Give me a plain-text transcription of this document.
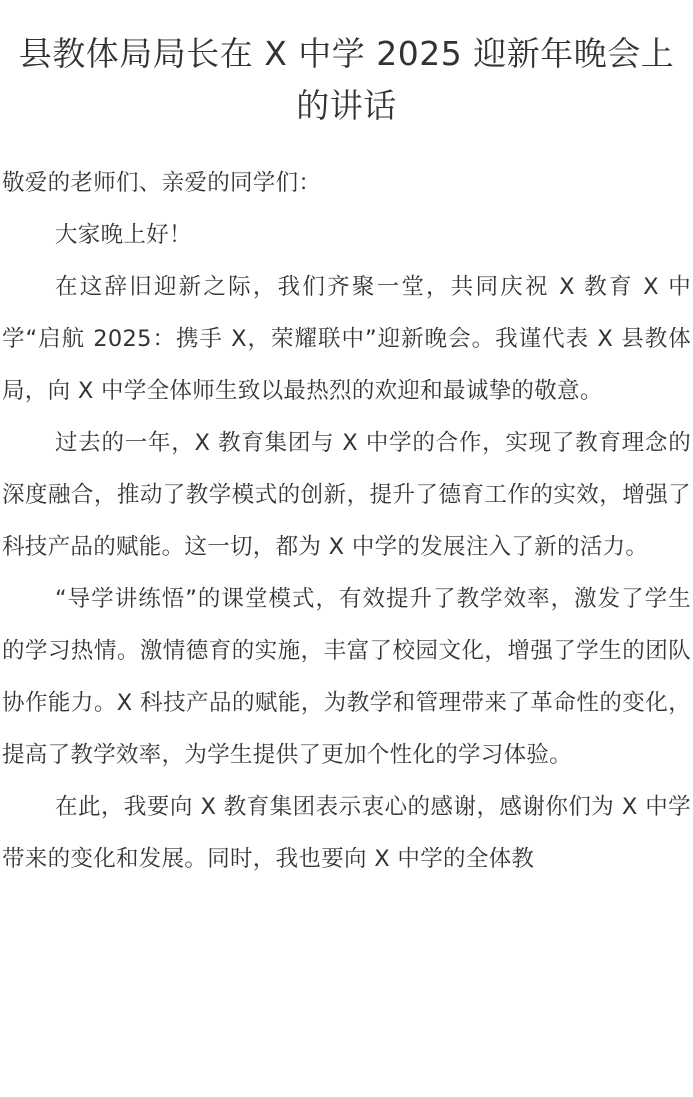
县教体局局长在 X 中学 2025 迎新年晚会上的讲话

敬爱的老师们、亲爱的同学们：

大家晚上好！

在这辞旧迎新之际，我们齐聚一堂，共同庆祝 X 教育 X 中学“启航 2025：携手 X，荣耀联中”迎新晚会。我谨代表 X 县教体局，向 X 中学全体师生致以最热烈的欢迎和最诚挚的敬意。

过去的一年，X 教育集团与 X 中学的合作，实现了教育理念的深度融合，推动了教学模式的创新，提升了德育工作的实效，增强了科技产品的赋能。这一切，都为 X 中学的发展注入了新的活力。

“导学讲练悟”的课堂模式，有效提升了教学效率，激发了学生的学习热情。激情德育的实施，丰富了校园文化，增强了学生的团队协作能力。X 科技产品的赋能，为教学和管理带来了革命性的变化，提高了教学效率，为学生提供了更加个性化的学习体验。

在此，我要向 X 教育集团表示衷心的感谢，感谢你们为 X 中学带来的变化和发展。同时，我也要向 X 中学的全体教
